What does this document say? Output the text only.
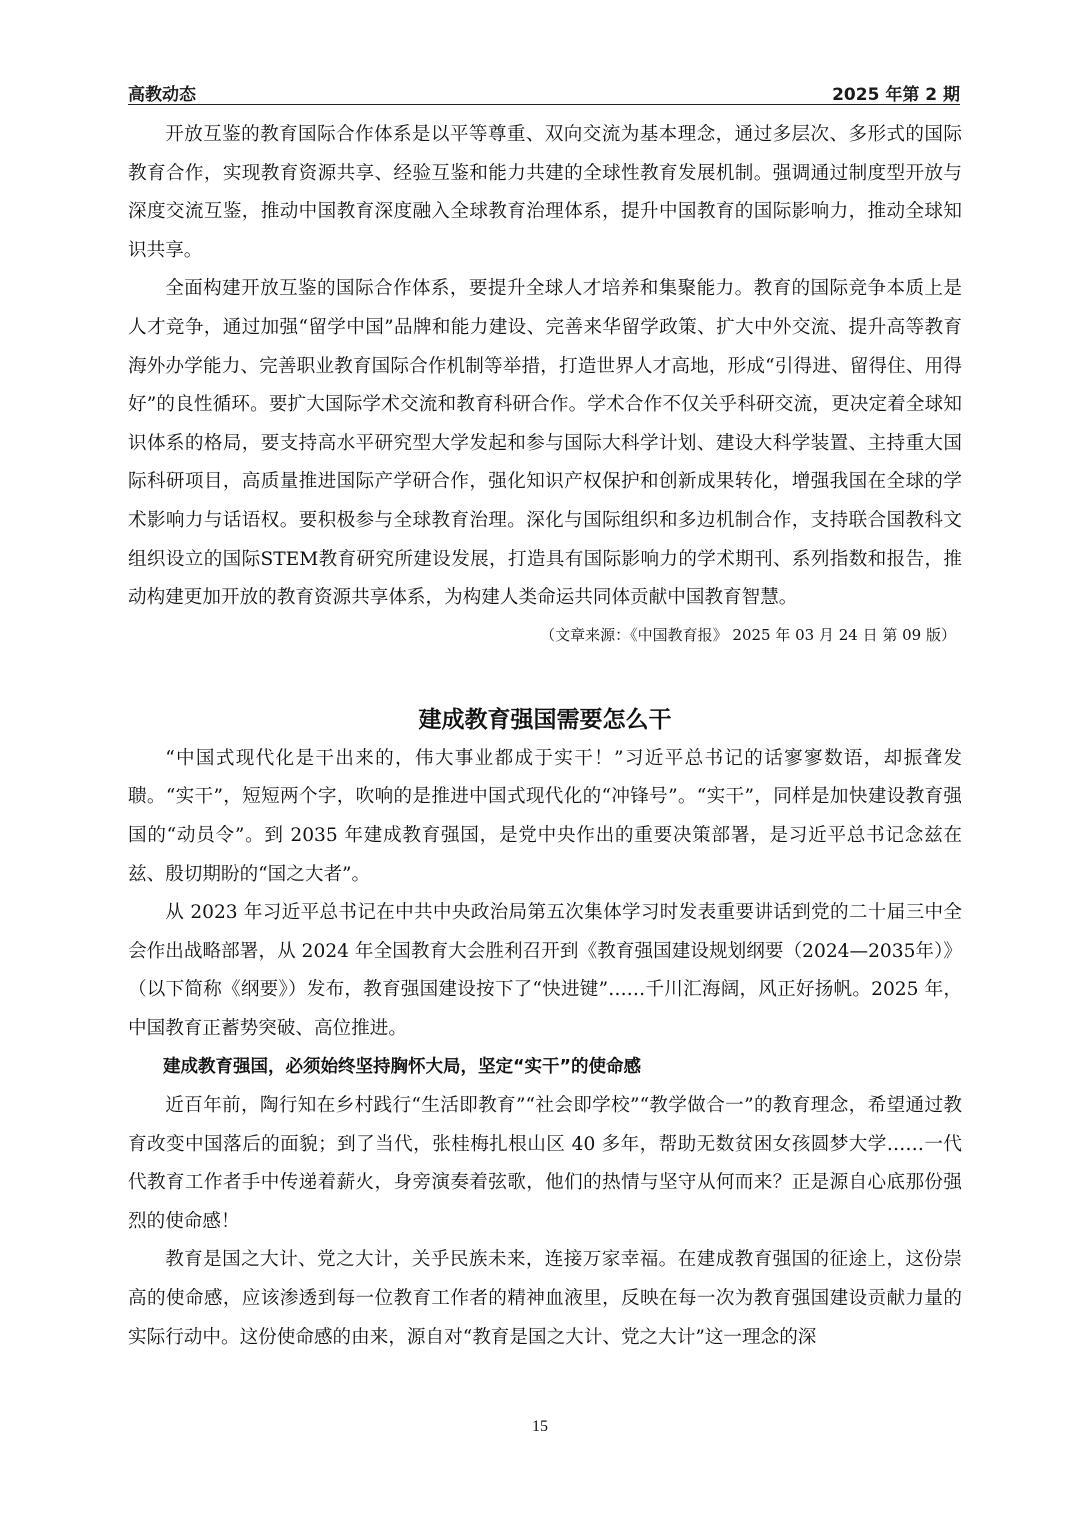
高教动态	2025 年第 2 期

开放互鉴的教育国际合作体系是以平等尊重、双向交流为基本理念，通过多层次、多形式的国际教育合作，实现教育资源共享、经验互鉴和能力共建的全球性教育发展机制。强调通过制度型开放与深度交流互鉴，推动中国教育深度融入全球教育治理体系，提升中国教育的国际影响力，推动全球知识共享。

全面构建开放互鉴的国际合作体系，要提升全球人才培养和集聚能力。教育的国际竞争本质上是人才竞争，通过加强“留学中国”品牌和能力建设、完善来华留学政策、扩大中外交流、提升高等教育海外办学能力、完善职业教育国际合作机制等举措，打造世界人才高地，形成“引得进、留得住、用得好”的良性循环。要扩大国际学术交流和教育科研合作。学术合作不仅关乎科研交流，更决定着全球知识体系的格局，要支持高水平研究型大学发起和参与国际大科学计划、建设大科学装置、主持重大国际科研项目，高质量推进国际产学研合作，强化知识产权保护和创新成果转化，增强我国在全球的学术影响力与话语权。要积极参与全球教育治理。深化与国际组织和多边机制合作，支持联合国教科文组织设立的国际STEM教育研究所建设发展，打造具有国际影响力的学术期刊、系列指数和报告，推动构建更加开放的教育资源共享体系，为构建人类命运共同体贡献中国教育智慧。

（文章来源：《中国教育报》 2025 年 03 月 24 日 第 09 版）

建成教育强国需要怎么干

“中国式现代化是干出来的，伟大事业都成于实干！”习近平总书记的话寥寥数语，却振聋发聩。“实干”，短短两个字，吹响的是推进中国式现代化的“冲锋号”。“实干”，同样是加快建设教育强国的“动员令”。到 2035 年建成教育强国，是党中央作出的重要决策部署，是习近平总书记念兹在兹、殷切期盼的“国之大者”。

从 2023 年习近平总书记在中共中央政治局第五次集体学习时发表重要讲话到党的二十届三中全会作出战略部署，从 2024 年全国教育大会胜利召开到《教育强国建设规划纲要（2024—2035年）》（以下简称《纲要》）发布，教育强国建设按下了“快进键”……千川汇海阔，风正好扬帆。2025 年，中国教育正蓄势突破、高位推进。

建成教育强国，必须始终坚持胸怀大局，坚定“实干”的使命感

近百年前，陶行知在乡村践行“生活即教育”“社会即学校”“教学做合一”的教育理念，希望通过教育改变中国落后的面貌；到了当代，张桂梅扎根山区 40 多年，帮助无数贫困女孩圆梦大学……一代代教育工作者手中传递着薪火，身旁演奏着弦歌，他们的热情与坚守从何而来？正是源自心底那份强烈的使命感！

教育是国之大计、党之大计，关乎民族未来，连接万家幸福。在建成教育强国的征途上，这份崇高的使命感，应该渗透到每一位教育工作者的精神血液里，反映在每一次为教育强国建设贡献力量的实际行动中。这份使命感的由来，源自对“教育是国之大计、党之大计”这一理念的深

15
